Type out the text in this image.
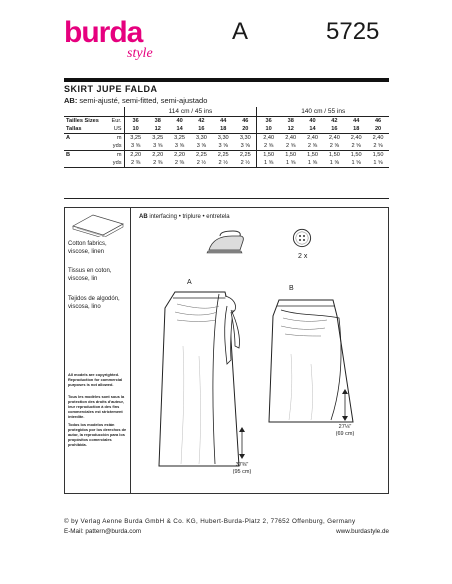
burda
style
A	5725
SKIRT JUPE FALDA
AB: semi-ajusté, semi-fitted, semi-ajustado
		114 cm / 45 ins						140 cm / 55 ins					
Tailles Sizes	Eur.	36	38	40	42	44	46	36	38	40	42	44	46
Tallas	US	10	12	14	16	18	20	10	12	14	16	18	20
A	m	3,25	3,25	3,25	3,30	3,30	3,30	2,40	2,40	2,40	2,40	2,40	2,40
	yds	3 ⅝	3 ⅝	3 ⅝	3 ⅝	3 ⅝	3 ⅝	2 ⅝	2 ⅝	2 ⅝	2 ⅝	2 ⅝	2 ⅝
B	m	2,20	2,20	2,20	2,25	2,25	2,25	1,50	1,50	1,50	1,50	1,50	1,50
	yds	2 ⅜	2 ⅜	2 ⅜	2 ½	2 ½	2 ½	1 ⅝	1 ⅝	1 ⅝	1 ⅝	1 ⅝	1 ⅝
Cotton fabrics, viscose, linen
Tissus en coton, viscose, lin
Tejidos de algodón, viscosa, lino
All models are copyrighted. Reproduction for commercial purposes is not allowed.
Tous les modèles sont sous la protection des droits d'auteur, leur reproduction à des fins commerciales est strictement interdite.
Todos los modelos están protegidos por los derechos de autor, la reproducción para los propósitos comerciales prohibida.
AB interfacing • triplure • entretela
2 x
A
37⅜"
(95 cm)
B
27⅛"
(69 cm)
© by Verlag Aenne Burda GmbH & Co. KG, Hubert-Burda-Platz 2, 77652 Offenburg, Germany
E-Mail: pattern@burda.com	www.burdastyle.de
